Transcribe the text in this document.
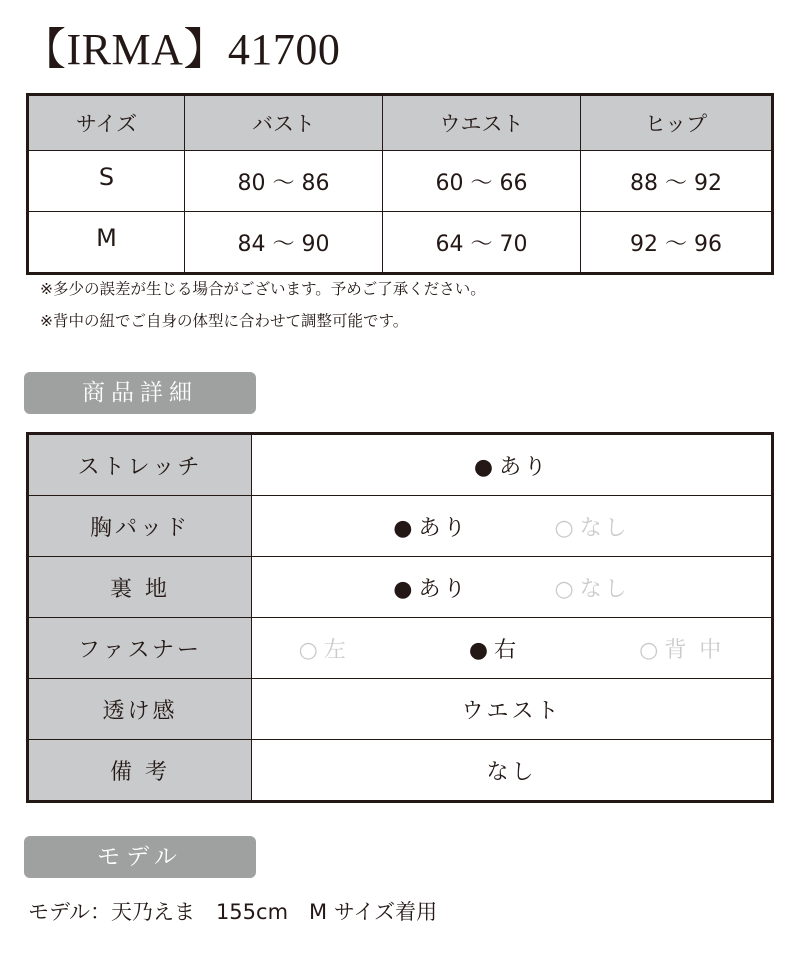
【IRMA】41700
サイズ	バスト	ウエスト	ヒップ
S	80 〜 86	60 〜 66	88 〜 92
M	84 〜 90	64 〜 70	92 〜 96
※多少の誤差が生じる場合がございます。予めご了承ください。
※背中の紐でご自身の体型に合わせて調整可能です。
商品詳細
ストレッチ	● あり
胸パッド	● あり ○ なし
裏 地	● あり ○ なし
ファスナー	○ 左 ● 右 ○ 背 中
透け感	ウエスト
備 考	なし
モデル
モデル：天乃えま　155cm　M サイズ着用
